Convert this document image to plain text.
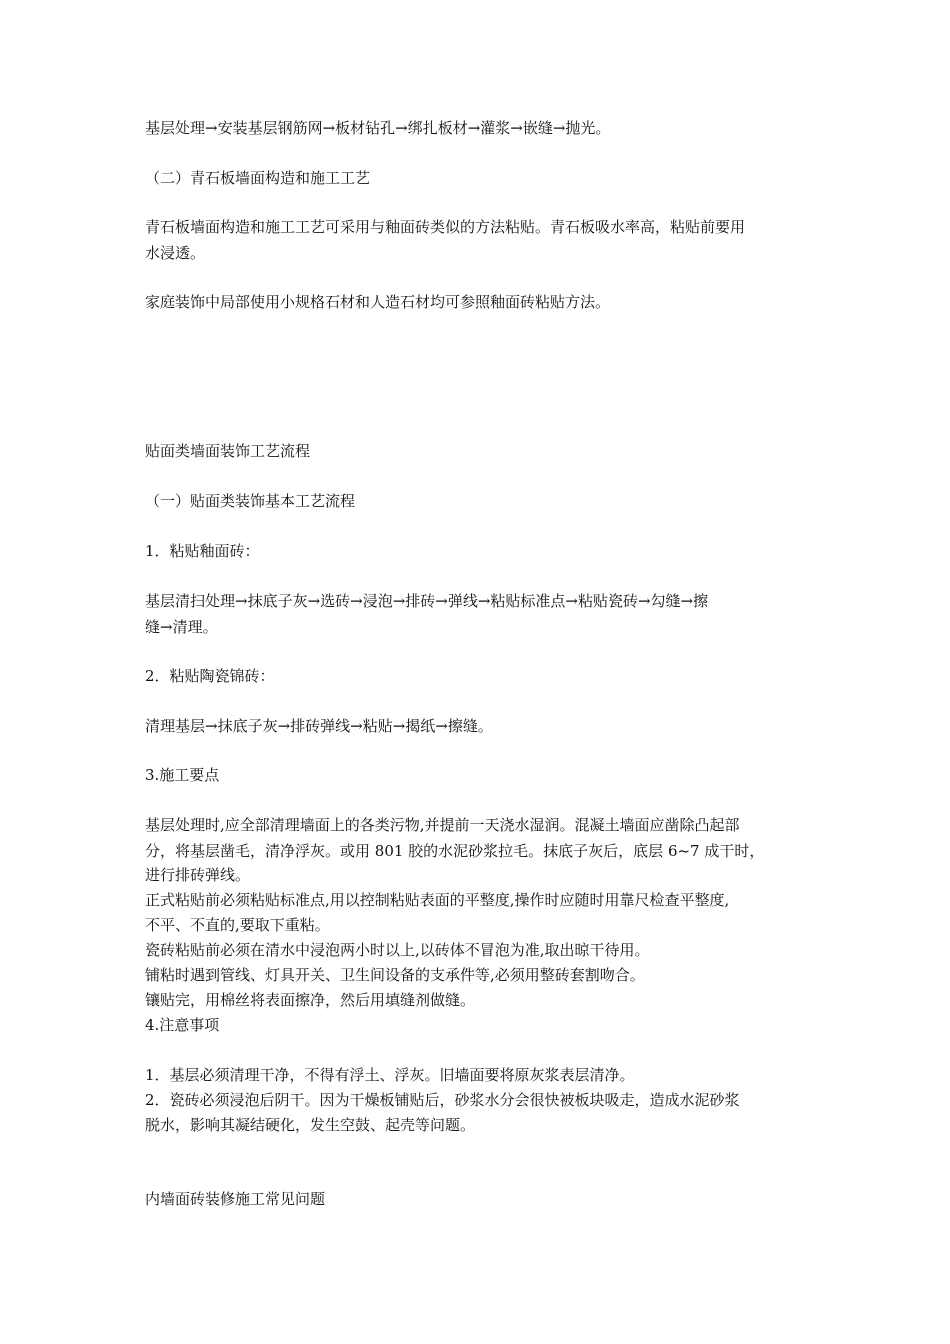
基层处理→安装基层钢筋网→板材钻孔→绑扎板材→灌浆→嵌缝→抛光。

（二）青石板墙面构造和施工工艺

青石板墙面构造和施工工艺可采用与釉面砖类似的方法粘贴。青石板吸水率高，粘贴前要用

水浸透。

家庭装饰中局部使用小规格石材和人造石材均可参照釉面砖粘贴方法。

贴面类墙面装饰工艺流程

（一）贴面类装饰基本工艺流程

1．粘贴釉面砖：

基层清扫处理→抹底子灰→选砖→浸泡→排砖→弹线→粘贴标准点→粘贴瓷砖→勾缝→擦

缝→清理。

2．粘贴陶瓷锦砖：

清理基层→抹底子灰→排砖弹线→粘贴→揭纸→擦缝。

3.施工要点

基层处理时,应全部清理墙面上的各类污物,并提前一天浇水湿润。混凝土墙面应凿除凸起部

分，将基层凿毛，清净浮灰。或用 801 胶的水泥砂浆拉毛。抹底子灰后，底层 6~7 成干时，

进行排砖弹线。

正式粘贴前必须粘贴标准点,用以控制粘贴表面的平整度,操作时应随时用靠尺检查平整度,

不平、不直的,要取下重粘。

瓷砖粘贴前必须在清水中浸泡两小时以上,以砖体不冒泡为准,取出晾干待用。

铺粘时遇到管线、灯具开关、卫生间设备的支承件等,必须用整砖套割吻合。

镶贴完，用棉丝将表面擦净，然后用填缝剂做缝。

4.注意事项

1．基层必须清理干净，不得有浮土、浮灰。旧墙面要将原灰浆表层清净。

2．瓷砖必须浸泡后阴干。因为干燥板铺贴后，砂浆水分会很快被板块吸走，造成水泥砂浆

脱水，影响其凝结硬化，发生空鼓、起壳等问题。

内墙面砖装修施工常见问题
